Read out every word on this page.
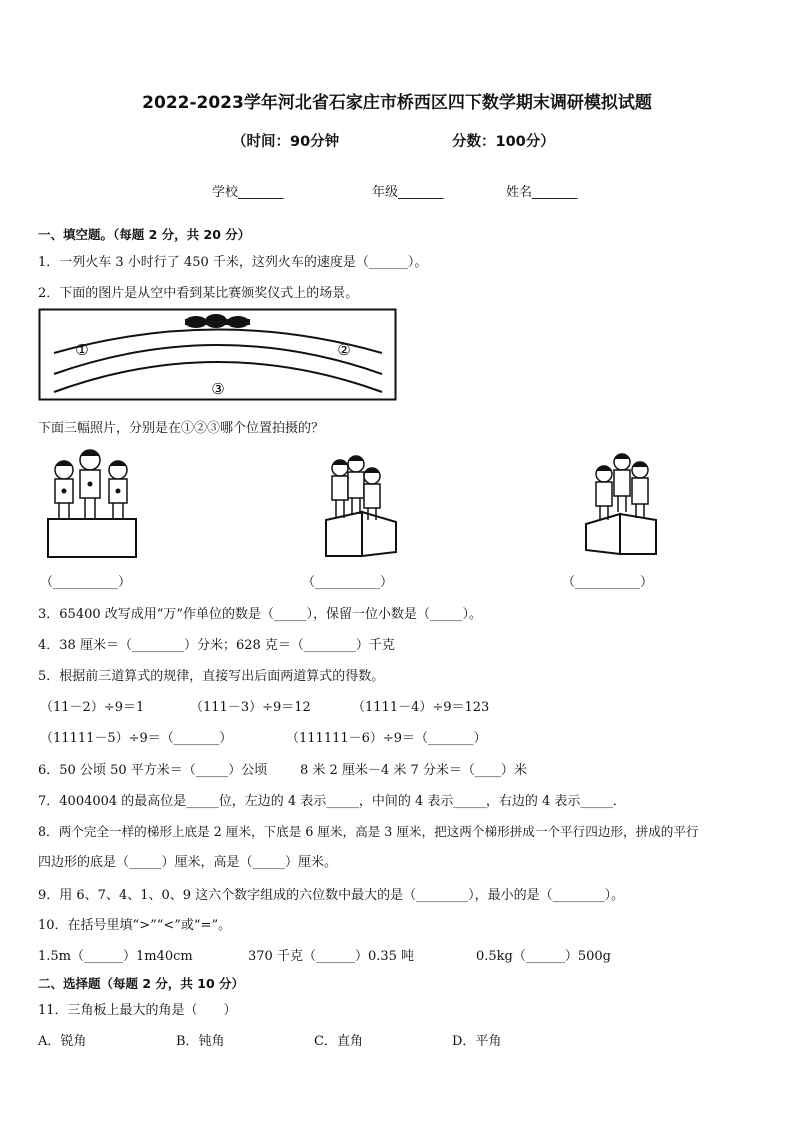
2022-2023学年河北省石家庄市桥西区四下数学期末调研模拟试题
（时间：90分钟	分数：100分）
学校_______	年级_______	姓名_______
一、填空题。（每题 2 分，共 20 分）
1．一列火车 3 小时行了 450 千米，这列火车的速度是（______）。
2．下面的图片是从空中看到某比赛颁奖仪式上的场景。
①	②
③
下面三幅照片，分别是在①②③哪个位置拍摄的？
（__________）	（__________）	（__________）
3．65400 改写成用“万”作单位的数是（_____），保留一位小数是（_____）。
4．38 厘米＝（________）分米；628 克＝（________）千克
5．根据前三道算式的规律，直接写出后面两道算式的得数。
（11－2）÷9＝1	（111－3）÷9＝12	（1111－4）÷9＝123
（11111－5）÷9＝（_______）	（111111－6）÷9＝（_______）
6．50 公顷 50 平方米＝（_____）公顷	8 米 2 厘米－4 米 7 分米＝（____）米
7．4004004 的最高位是_____位，左边的 4 表示_____，中间的 4 表示_____，右边的 4 表示_____．
8．两个完全一样的梯形上底是 2 厘米，下底是 6 厘米，高是 3 厘米，把这两个梯形拼成一个平行四边形，拼成的平行
四边形的底是（_____）厘米，高是（_____）厘米。
9．用 6、7、4、1、0、9 这六个数字组成的六位数中最大的是（________），最小的是（________）。
10．在括号里填“>”“<”或“=”。
1.5m（______）1m40cm	370 千克（______）0.35 吨	0.5kg（______）500g
二、选择题（每题 2 分，共 10 分）
11．三角板上最大的角是（　　）
A．锐角	B．钝角	C．直角	D．平角
